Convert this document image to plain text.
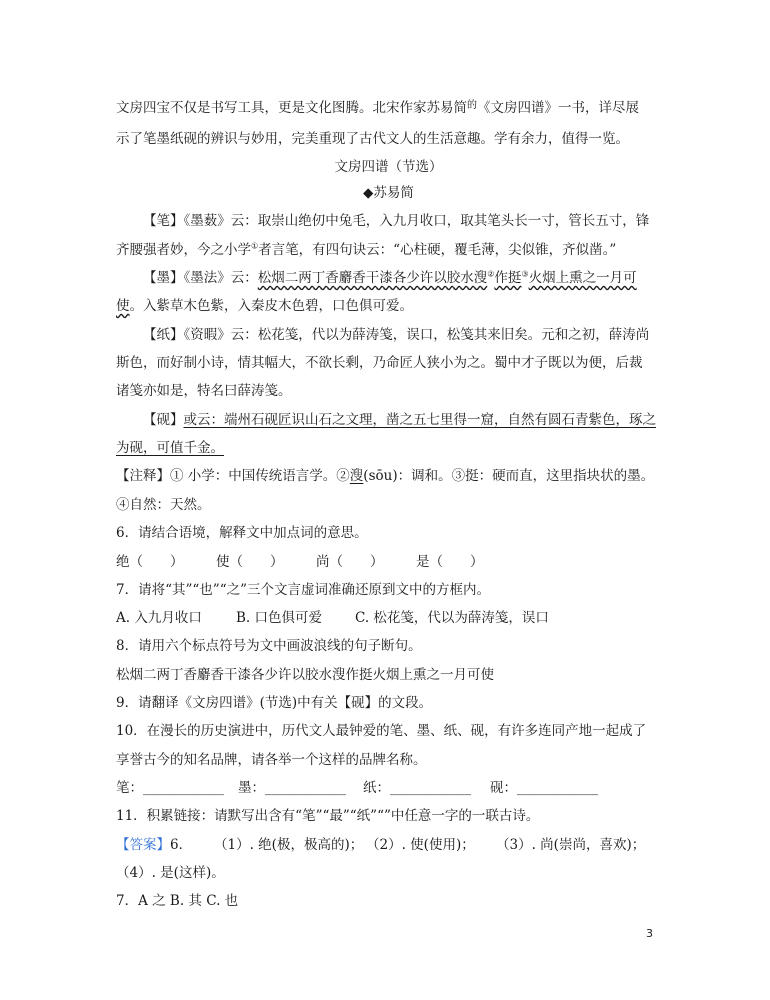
文房四宝不仅是书写工具，更是文化图腾。北宋作家苏易简$^的$《文房四谱》一书，详尽展
示了笔墨纸砚的辨识与妙用，完美重现了古代文人的生活意趣。学有余力，值得一览。
文房四谱（节选）
◆苏易简
【笔】《墨薮》云：取崇山绝仞中兔毛，入九月收口，取其笔头长一寸，管长五寸，锋
齐腰强者妙，今之小学①者言笔，有四句诀云：“心柱硬，覆毛薄，尖似锥，齐似凿。”
【墨】《墨法》云：松烟二两丁香麝香干漆各少许以胶水溲②作挺③火烟上熏之一月可
使。入紫草木色紫，入秦皮木色碧，口色俱可爱。
【纸】《资暇》云：松花笺，代以为薛涛笺，误口，松笺其来旧矣。元和之初，薛涛尚
斯色，而好制小诗，情其幅大，不欲长剩，乃命匠人狭小为之。蜀中才子既以为便，后裁
诸笺亦如是，特名曰薛涛笺。
【砚】或云：端州石砚匠识山石之文理，凿之五七里得一窟，自然有圆石青紫色，琢之
为砚，可值千金。
【注释】① 小学：中国传统语言学。②溲(sōu)：调和。③挺：硬而直，这里指块状的墨。
④自然：天然。
6．请结合语境，解释文中加点词的意思。
绝（　　） 使（　　） 尚（　　） 是（　　）
7．请将“其”“也”“之”三个文言虚词准确还原到文中的方框内。
A. 入九月收口	B. 口色俱可爱 C. 松花笺，代以为薛涛笺，误口
8．请用六个标点符号为文中画波浪线的句子断句。
松烟二两丁香麝香干漆各少许以胶水溲作挺火烟上熏之一月可使
9．请翻译《文房四谱》(节选)中有关【砚】的文段。
10．在漫长的历史演进中，历代文人最钟爱的笔、墨、纸、砚，有许多连同产地一起成了
享誉古今的知名品牌，请各举一个这样的品牌名称。
笔：____________ 墨：____________ 纸：____________ 砚：____________
11．积累链接：请默写出含有“笔”“最”“纸”“”中任意一字的一联古诗。
【答案】6． （1）. 绝(极，极高的)； （2）. 使(使用)； （3）. 尚(崇尚，喜欢)；
（4）. 是(这样)。
7．A 之 B. 其 C. 也
3
